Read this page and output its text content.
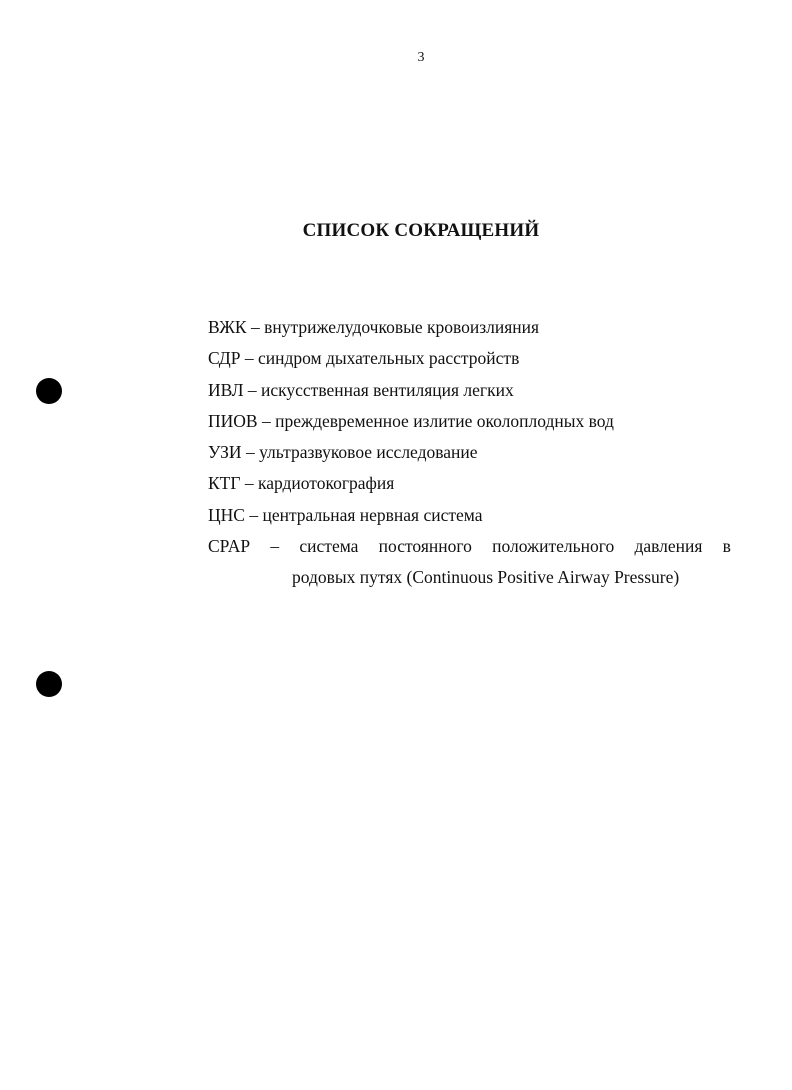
3
СПИСОК СОКРАЩЕНИЙ
ВЖК – внутрижелудочковые кровоизлияния
СДР – синдром дыхательных расстройств
ИВЛ – искусственная вентиляция легких
ПИОВ – преждевременное излитие околоплодных вод
УЗИ – ультразвуковое исследование
КТГ – кардиотокография
ЦНС – центральная нервная система
CPAP – система постоянного положительного давления в
родовых путях (Continuous Positive Airway Pressure)
